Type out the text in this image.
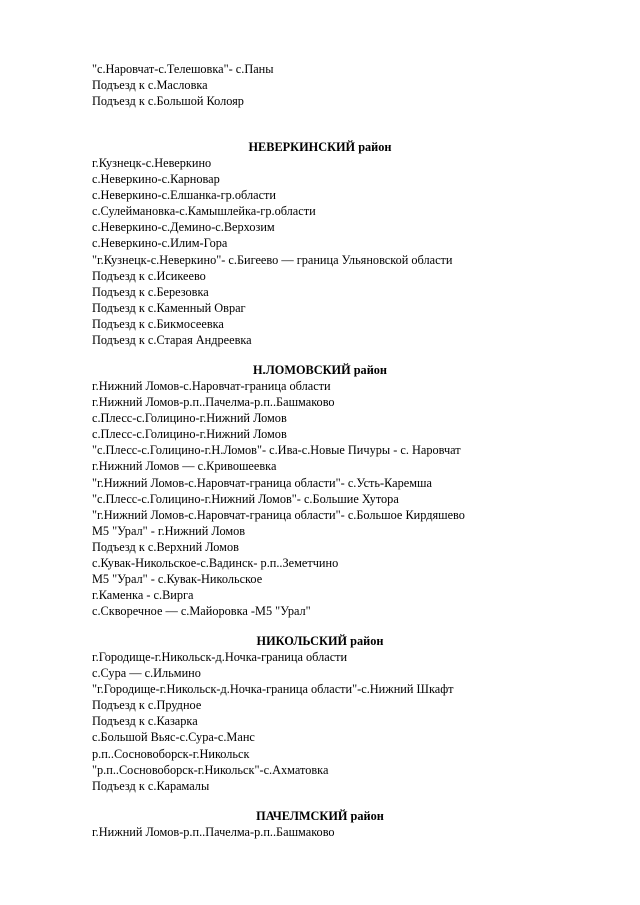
"с.Наровчат-с.Телешовка"- с.Паны
Подъезд к с.Масловка
Подъезд к с.Большой Колояр
НЕВЕРКИНСКИЙ район
г.Кузнецк-с.Неверкино
с.Неверкино-с.Карновар
с.Неверкино-с.Елшанка-гр.области
с.Сулеймановка-с.Камышлейка-гр.области
с.Неверкино-с.Демино-с.Верхозим
с.Неверкино-с.Илим-Гора
"г.Кузнецк-с.Неверкино"- с.Бигеево — граница Ульяновской области
Подъезд к с.Исикеево
Подъезд к с.Березовка
Подъезд к с.Каменный Овраг
Подъезд к с.Бикмосеевка
Подъезд к с.Старая Андреевка
Н.ЛОМОВСКИЙ район
г.Нижний Ломов-с.Наровчат-граница области
г.Нижний Ломов-р.п..Пачелма-р.п..Башмаково
с.Плесс-с.Голицино-г.Нижний Ломов
с.Плесс-с.Голицино-г.Нижний Ломов
"с.Плесс-с.Голицино-г.Н.Ломов"- с.Ива-с.Новые Пичуры - с. Наровчат
г.Нижний Ломов — с.Кривошеевка
"г.Нижний Ломов-с.Наровчат-граница области"- с.Усть-Каремша
"с.Плесс-с.Голицино-г.Нижний Ломов"- с.Большие Хутора
"г.Нижний Ломов-с.Наровчат-граница области"- с.Большое Кирдяшево
М5 "Урал" - г.Нижний Ломов
Подъезд к с.Верхний Ломов
с.Кувак-Никольское-с.Вадинск- р.п..Земетчино
М5 "Урал" - с.Кувак-Никольское
г.Каменка - с.Вирга
с.Скворечное — с.Майоровка -М5 "Урал"
НИКОЛЬСКИЙ район
г.Городище-г.Никольск-д.Ночка-граница области
с.Сура — с.Ильмино
"г.Городище-г.Никольск-д.Ночка-граница области"-с.Нижний Шкафт
Подъезд к с.Прудное
Подъезд к с.Казарка
с.Большой Вьяс-с.Сура-с.Манс
р.п..Сосновоборск-г.Никольск
"р.п..Сосновоборск-г.Никольск"-с.Ахматовка
Подъезд к с.Карамалы
ПАЧЕЛМСКИЙ район
г.Нижний Ломов-р.п..Пачелма-р.п..Башмаково
